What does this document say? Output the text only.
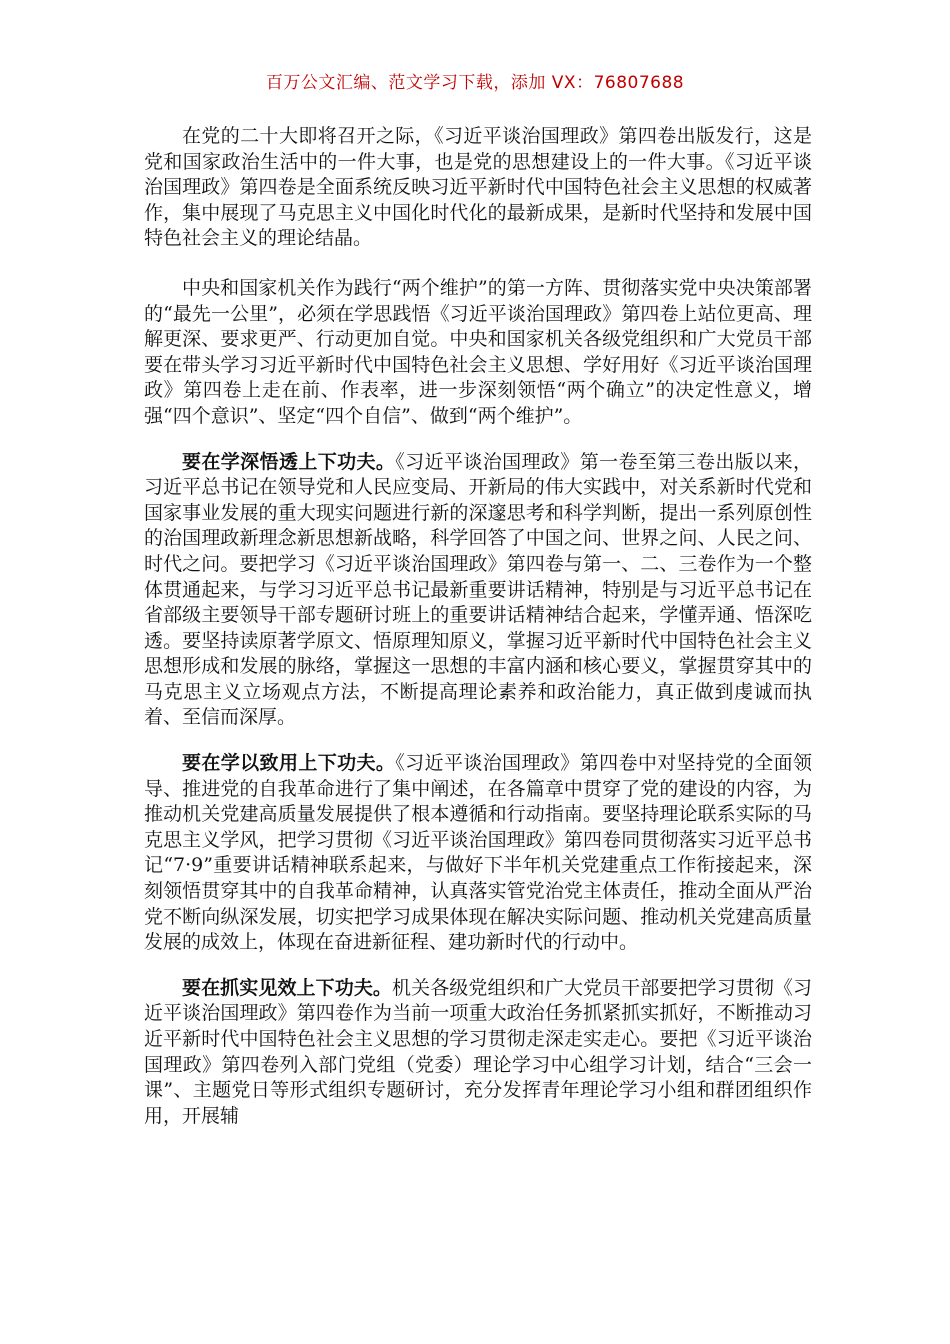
百万公文汇编、范文学习下载，添加 VX：76807688

在党的二十大即将召开之际，《习近平谈治国理政》第四卷出版发行，这是党和国家政治生活中的一件大事，也是党的思想建设上的一件大事。《习近平谈治国理政》第四卷是全面系统反映习近平新时代中国特色社会主义思想的权威著作，集中展现了马克思主义中国化时代化的最新成果，是新时代坚持和发展中国特色社会主义的理论结晶。

中央和国家机关作为践行“两个维护”的第一方阵、贯彻落实党中央决策部署的“最先一公里”，必须在学思践悟《习近平谈治国理政》第四卷上站位更高、理解更深、要求更严、行动更加自觉。中央和国家机关各级党组织和广大党员干部要在带头学习习近平新时代中国特色社会主义思想、学好用好《习近平谈治国理政》第四卷上走在前、作表率，进一步深刻领悟“两个确立”的决定性意义，增强“四个意识”、坚定“四个自信”、做到“两个维护”。

要在学深悟透上下功夫。《习近平谈治国理政》第一卷至第三卷出版以来，习近平总书记在领导党和人民应变局、开新局的伟大实践中，对关系新时代党和国家事业发展的重大现实问题进行新的深邃思考和科学判断，提出一系列原创性的治国理政新理念新思想新战略，科学回答了中国之问、世界之问、人民之问、时代之问。要把学习《习近平谈治国理政》第四卷与第一、二、三卷作为一个整体贯通起来，与学习习近平总书记最新重要讲话精神，特别是与习近平总书记在省部级主要领导干部专题研讨班上的重要讲话精神结合起来，学懂弄通、悟深吃透。要坚持读原著学原文、悟原理知原义，掌握习近平新时代中国特色社会主义思想形成和发展的脉络，掌握这一思想的丰富内涵和核心要义，掌握贯穿其中的马克思主义立场观点方法，不断提高理论素养和政治能力，真正做到虔诚而执着、至信而深厚。

要在学以致用上下功夫。《习近平谈治国理政》第四卷中对坚持党的全面领导、推进党的自我革命进行了集中阐述，在各篇章中贯穿了党的建设的内容，为推动机关党建高质量发展提供了根本遵循和行动指南。要坚持理论联系实际的马克思主义学风，把学习贯彻《习近平谈治国理政》第四卷同贯彻落实习近平总书记“7·9”重要讲话精神联系起来，与做好下半年机关党建重点工作衔接起来，深刻领悟贯穿其中的自我革命精神，认真落实管党治党主体责任，推动全面从严治党不断向纵深发展，切实把学习成果体现在解决实际问题、推动机关党建高质量发展的成效上，体现在奋进新征程、建功新时代的行动中。

要在抓实见效上下功夫。机关各级党组织和广大党员干部要把学习贯彻《习近平谈治国理政》第四卷作为当前一项重大政治任务抓紧抓实抓好，不断推动习近平新时代中国特色社会主义思想的学习贯彻走深走实走心。要把《习近平谈治国理政》第四卷列入部门党组（党委）理论学习中心组学习计划，结合“三会一课”、主题党日等形式组织专题研讨，充分发挥青年理论学习小组和群团组织作用，开展辅
